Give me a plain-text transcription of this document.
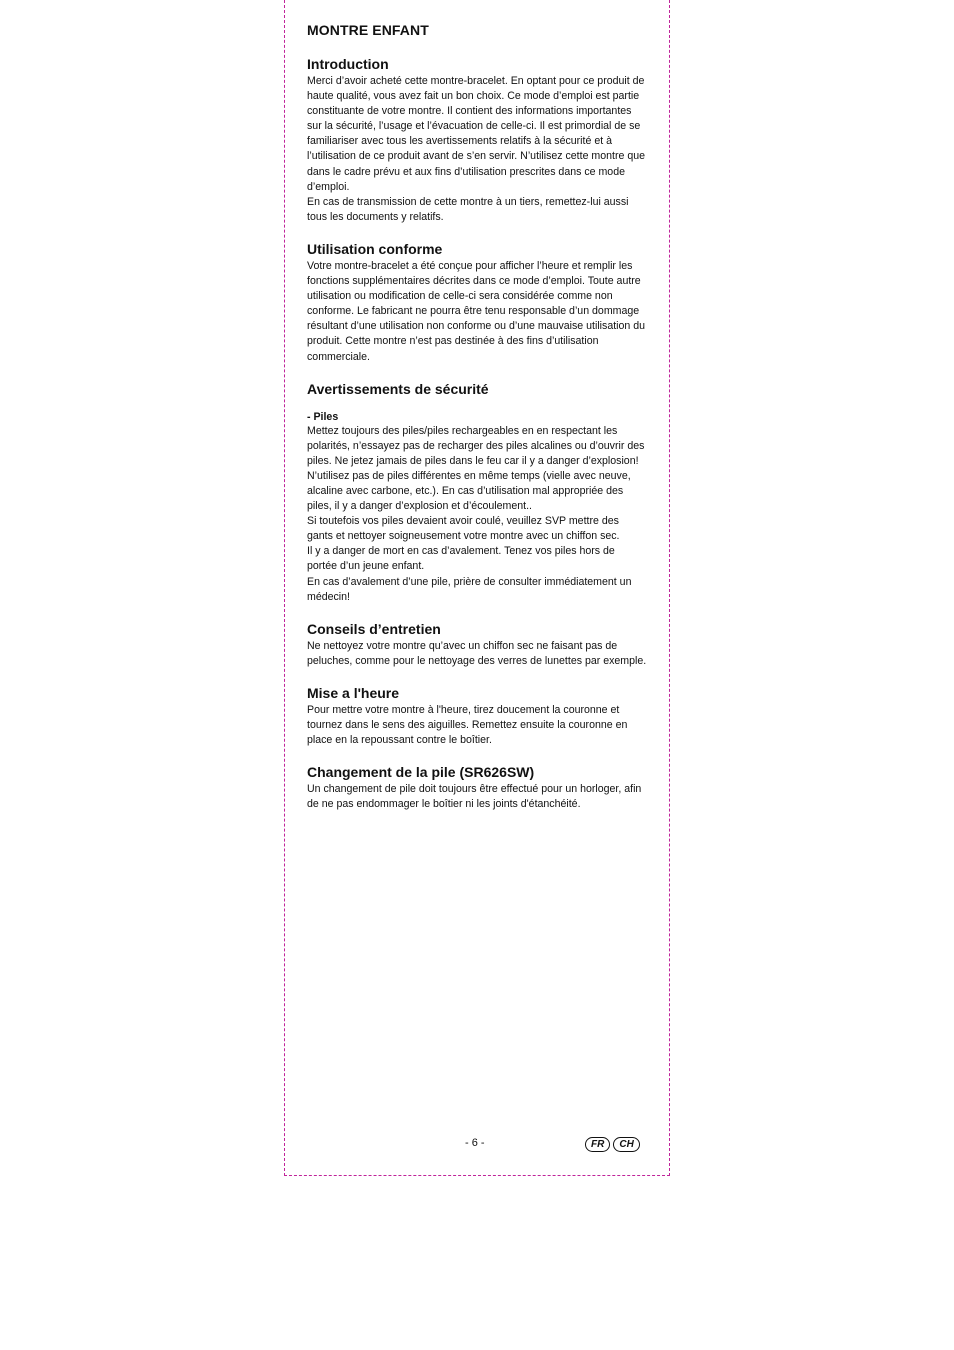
MONTRE ENFANT
Introduction

Merci d’avoir acheté cette montre-bracelet. En optant pour ce produit de haute qualité, vous avez fait un bon choix. Ce mode d’emploi est partie constituante de votre montre. Il contient des informations importantes sur la sécurité, l’usage et l’évacuation de celle-ci. Il est primordial de se familiariser avec tous les avertissements relatifs à la sécurité et à l’utilisation de ce produit avant de s’en servir. N’utilisez cette montre que dans le cadre prévu et aux fins d’utilisation prescrites dans ce mode d’emploi.

En cas de transmission de cette montre à un tiers, remettez-lui aussi tous les documents y relatifs.

Utilisation conforme

Votre montre-bracelet a été conçue pour afficher l’heure et remplir les fonctions supplémentaires décrites dans ce mode d’emploi. Toute autre utilisation ou modification de celle-ci sera considérée comme non conforme. Le fabricant ne pourra être tenu responsable d’un dommage résultant d’une utilisation non conforme ou d’une mauvaise utilisation du produit. Cette montre n’est pas destinée à des fins d’utilisation commerciale.

Avertissements de sécurité
- Piles

Mettez toujours des piles/piles rechargeables en en respectant les polarités, n’essayez pas de recharger des piles alcalines ou d’ouvrir des piles. Ne jetez jamais de piles dans le feu car il y a danger d’explosion! N’utilisez pas de piles différentes en même temps (vielle avec neuve, alcaline avec carbone, etc.). En cas d’utilisation mal appropriée des piles, il y a danger d’explosion et d’écoulement..

Si toutefois vos piles devaient avoir coulé, veuillez SVP mettre des gants et nettoyer soigneusement votre montre avec un chiffon sec.

Il y a danger de mort en cas d’avalement. Tenez vos piles hors de portée d’un jeune enfant.

En cas d’avalement d’une pile, prière de consulter immédiatement un médecin!

Conseils d’entretien

Ne nettoyez votre montre qu’avec un chiffon sec ne faisant pas de peluches, comme pour le nettoyage des verres de lunettes par exemple.

Mise a l'heure

Pour mettre votre montre à l'heure, tirez doucement la couronne et tournez dans le sens des aiguilles. Remettez ensuite la couronne en place en la repoussant contre le boîtier.

Changement de la pile (SR626SW)

Un changement de pile doit toujours être effectué pour un horloger, afin de ne pas endommager le boîtier ni les joints d'étanchéité.

- 6 -	FR	CH
